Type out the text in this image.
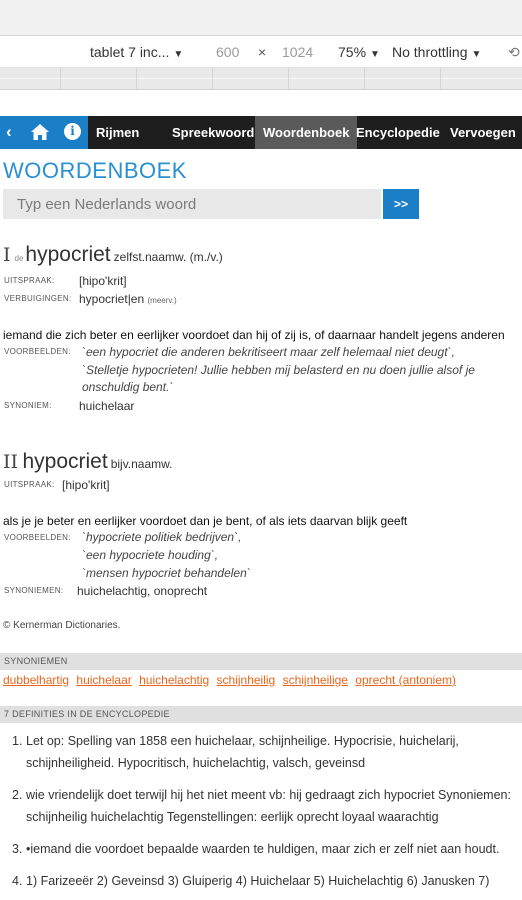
tablet 7 inc... ▼ 600 × 1024 75% ▼ No throttling ▼ ⟲
‹	i	Rijmen	Spreekwoord Woordenboek Encyclopedie Vervoegen
WOORDENBOEK
Typ een Nederlands woord
>>
Idehypocriet zelfst.naamw. (m./v.)
UITSPRAAK: [hipo'krit]
VERBUIGINGEN: hypocriet|en (meerv.)
iemand die zich beter en eerlijker voordoet dan hij of zij is, of daarnaar handelt jegens anderen
VOORBEELDEN: `een hypocriet die anderen bekritiseert maar zelf helemaal niet deugt`,
`Stelletje hypocrieten! Jullie hebben mij belasterd en nu doen jullie alsof je
onschuldig bent.`
SYNONIEM: huichelaar
II hypocriet bijv.naamw.
UITSPRAAK: [hipo'krit]
als je je beter en eerlijker voordoet dan je bent, of als iets daarvan blijk geeft
VOORBEELDEN: `hypocriete politiek bedrijven`,
`een hypocriete houding`,
`mensen hypocriet behandelen`
SYNONIEMEN: huichelachtig, onoprecht
© Kernerman Dictionaries.
SYNONIEMEN
dubbelhartig huichelaar huichelachtig schijnheilig schijnheilige oprecht (antoniem)
7 DEFINITIES IN DE ENCYCLOPEDIE
1. Let op: Spelling van 1858 een huichelaar, schijnheilige. Hypocrisie, huichelarij, schijnheiligheid. Hypocritisch, huichelachtig, valsch, geveinsd
2. wie vriendelijk doet terwijl hij het niet meent vb: hij gedraagt zich hypocriet Synoniemen: schijnheilig huichelachtig Tegenstellingen: eerlijk oprecht loyaal waarachtig
3. •iemand die voordoet bepaalde waarden te huldigen, maar zich er zelf niet aan houdt.
4. 1) Farizeeër 2) Geveinsd 3) Gluiperig 4) Huichelaar 5) Huichelachtig 6) Janusken 7)
